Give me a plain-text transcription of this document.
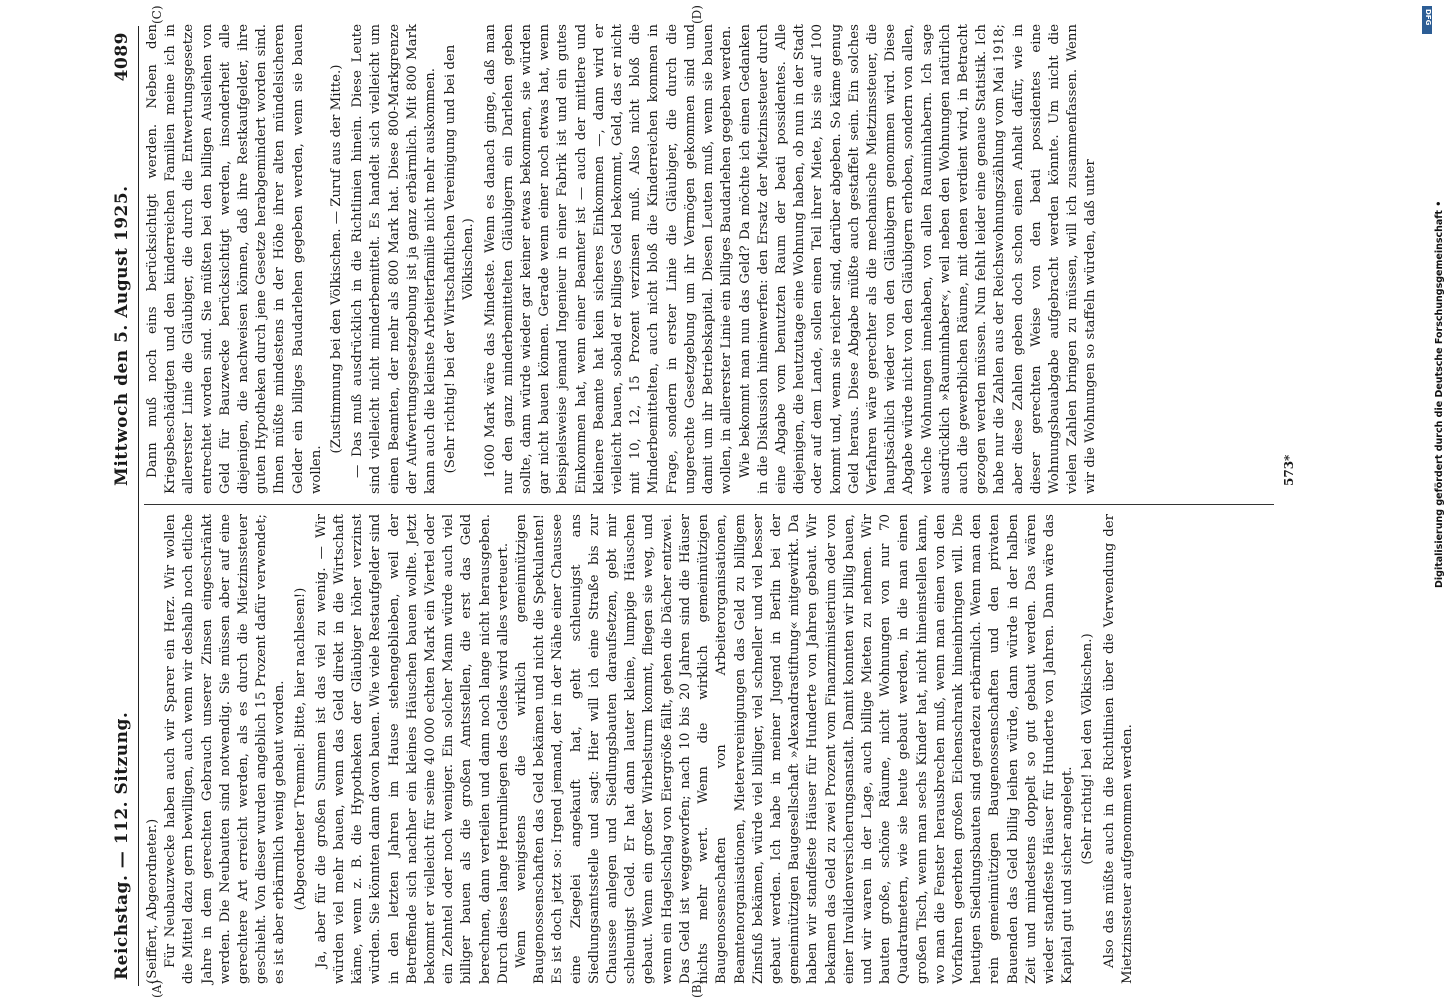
Reichstag. — 112. Sitzung.
Mittwoch den 5. August 1925.
4089
(A)	(B)
(C)	(D)

(Seiffert, Abgeordneter.) Für Neubauzwecke haben auch wir Sparer ein Herz. Wir wollen die Mittel dazu gern bewilligen, auch wenn wir deshalb noch etliche Jahre in dem gerechten Gebrauch unserer Zinsen eingeschränkt werden. Die Neubauten sind notwendig. Sie müssen aber auf eine gerechtere Art erreicht werden, als es durch die Mietzinssteuer geschieht. Von dieser wurden angeblich 15 Prozent dafür verwendet; es ist aber erbärmlich wenig gebaut worden. (Abgeordneter Tremmel: Bitte, hier nachlesen!) Ja, aber für die großen Summen ist das viel zu wenig. — Wir würden viel mehr bauen, wenn das Geld direkt in die Wirtschaft käme, wenn z. B. die Hypotheken der Gläubiger höher verzinst würden. Sie könnten dann davon bauen. Wie viele Restaufgelder sind in den letzten Jahren im Hause stehengeblieben, weil der Betreffende sich nachher ein kleines Häuschen bauen wollte. Jetzt bekommt er vielleicht für seine 40 000 echten Mark ein Viertel oder ein Zehntel oder noch weniger. Ein solcher Mann würde auch viel billiger bauen als die großen Amtsstellen, die erst das Geld berechnen, dann verteilen und dann noch lange nicht herausgeben. Durch dieses lange Herumliegen des Geldes wird alles verteuert. Wenn wenigstens die wirklich gemeinnützigen Baugenossenschaften das Geld bekämen und nicht die Spekulanten! Es ist doch jetzt so: Irgend jemand, der in der Nähe einer Chaussee eine Ziegelei angekauft hat, geht schleunigst ans Siedlungsamtsstelle und sagt: Hier will ich eine Straße bis zur Chaussee anlegen und Siedlungsbauten daraufsetzen, gebt mir schleunigst Geld. Er hat dann lauter kleine, lumpige Häuschen gebaut. Wenn ein großer Wirbelsturm kommt, fliegen sie weg, und wenn ein Hagelschlag von Eiergröße fällt, gehen die Dächer entzwei. Das Geld ist weggeworfen; nach 10 bis 20 Jahren sind die Häuser nichts mehr wert. Wenn die wirklich gemeinnützigen Baugenossenschaften von Arbeiterorganisationen, Beamtenorganisationen, Mietervereinigungen das Geld zu billigem Zinsfuß bekämen, würde viel billiger, viel schneller und viel besser gebaut werden. Ich habe in meiner Jugend in Berlin bei der gemeinnützigen Baugesellschaft »Alexandrastiftung« mitgewirkt. Da haben wir standfeste Häuser für Hunderte von Jahren gebaut. Wir bekamen das Geld zu zwei Prozent vom Finanzministerium oder von einer Invalidenversicherungsanstalt. Damit konnten wir billig bauen, und wir waren in der Lage, auch billige Mieten zu nehmen. Wir bauten große, schöne Räume, nicht Wohnungen von nur 70 Quadratmetern, wie sie heute gebaut werden, in die man einen großen Tisch, wenn man sechs Kinder hat, nicht hineinstellen kann, wo man die Fenster herausbrechen muß, wenn man einen von den Vorfahren geerbten großen Eichenschrank hineinbringen will. Die heutigen Siedlungsbauten sind geradezu erbärmlich. Wenn man den rein gemeinnützigen Baugenossenschaften und den privaten Bauenden das Geld billig leihen würde, dann würde in der halben Zeit und mindestens doppelt so gut gebaut werden. Das wären wieder standfeste Häuser für Hunderte von Jahren. Dann wäre das Kapital gut und sicher angelegt.

(Sehr richtig! bei den Völkischen.) Also das müßte auch in die Richtlinien über die Verwendung der Mietzinssteuer aufgenommen werden.

Dann muß noch eins berücksichtigt werden. Neben den Kriegsbeschädigten und den kinderreichen Familien meine ich in allererster Linie die Gläubiger, die durch die Entwertungsgesetze entrechtet worden sind. Sie müßten bei den billigen Ausleihen von Geld für Bauzwecke berücksichtigt werden, insonderheit alle diejenigen, die nachweisen können, daß ihre Restkaufgelder, ihre guten Hypotheken durch jene Gesetze herabgemindert worden sind. Ihnen müßte mindestens in der Höhe ihrer alten mündelsicheren Gelder ein billiges Baudarlehen gegeben werden, wenn sie bauen wollen.

(Zustimmung bei den Völkischen. — Zuruf aus der Mitte.) — Das muß ausdrücklich in die Richtlinien hinein. Diese Leute sind vielleicht nicht minderbemittelt. Es handelt sich vielleicht um einen Beamten, der mehr als 800 Mark hat. Diese 800-Markgrenze der Aufwertungsgesetzgebung ist ja ganz erbärmlich. Mit 800 Mark kann auch die kleinste Arbeiterfamilie nicht mehr auskommen. (Sehr richtig! bei der Wirtschaftlichen Vereinigung und bei den Völkischen.) 1600 Mark wäre das Mindeste. Wenn es danach ginge, daß man nur den ganz minderbemittelten Gläubigern ein Darlehen geben sollte, dann würde wieder gar keiner etwas bekommen, sie würden gar nicht bauen können. Gerade wenn einer noch etwas hat, wenn beispielsweise jemand Ingenieur in einer Fabrik ist und ein gutes Einkommen hat, wenn einer Beamter ist — auch der mittlere und kleinere Beamte hat kein sicheres Einkommen —, dann wird er vielleicht bauen, sobald er billiges Geld bekommt, Geld, das er nicht mit 10, 12, 15 Prozent verzinsen muß. Also nicht bloß die Minderbemittelten, auch nicht bloß die Kinderreichen kommen in Frage, sondern in erster Linie die Gläubiger, die durch die ungerechte Gesetzgebung um ihr Vermögen gekommen sind und damit um ihr Betriebskapital. Diesen Leuten muß, wenn sie bauen wollen, in allererster Linie ein billiges Baudarlehen gegeben werden. Wie bekommt man nun das Geld? Da möchte ich einen Gedanken in die Diskussion hineinwerfen: den Ersatz der Mietzinssteuer durch eine Abgabe vom benutzten Raum der beati possidentes. Alle diejenigen, die heutzutage eine Wohnung haben, ob nun in der Stadt oder auf dem Lande, sollen einen Teil ihrer Miete, bis sie auf 100 kommt und, wenn sie reicher sind, darüber abgeben. So käme genug Geld heraus. Diese Abgabe müßte auch gestaffelt sein. Ein solches Verfahren wäre gerechter als die mechanische Mietzinssteuer, die hauptsächlich wieder von den Gläubigern genommen wird. Diese Abgabe würde nicht von den Gläubigern erhoben, sondern von allen, welche Wohnungen innehaben, von allen Rauminhabern. Ich sage ausdrücklich »Rauminhaber«, weil neben den Wohnungen natürlich auch die gewerblichen Räume, mit denen verdient wird, in Betracht gezogen werden müssen. Nun fehlt leider eine genaue Statistik. Ich habe nur die Zahlen aus der Reichswohnungszählung vom Mai 1918; aber diese Zahlen geben doch schon einen Anhalt dafür, wie in dieser gerechten Weise von den beati possidentes eine Wohnungsbauabgabe aufgebracht werden könnte. Um nicht die vielen Zahlen bringen zu müssen, will ich zusammenfassen. Wenn wir die Wohnungen so staffeln würden, daß unter	573*
DFG
Digitalisierung gefördert durch die Deutsche Forschungsgemeinschaft •
